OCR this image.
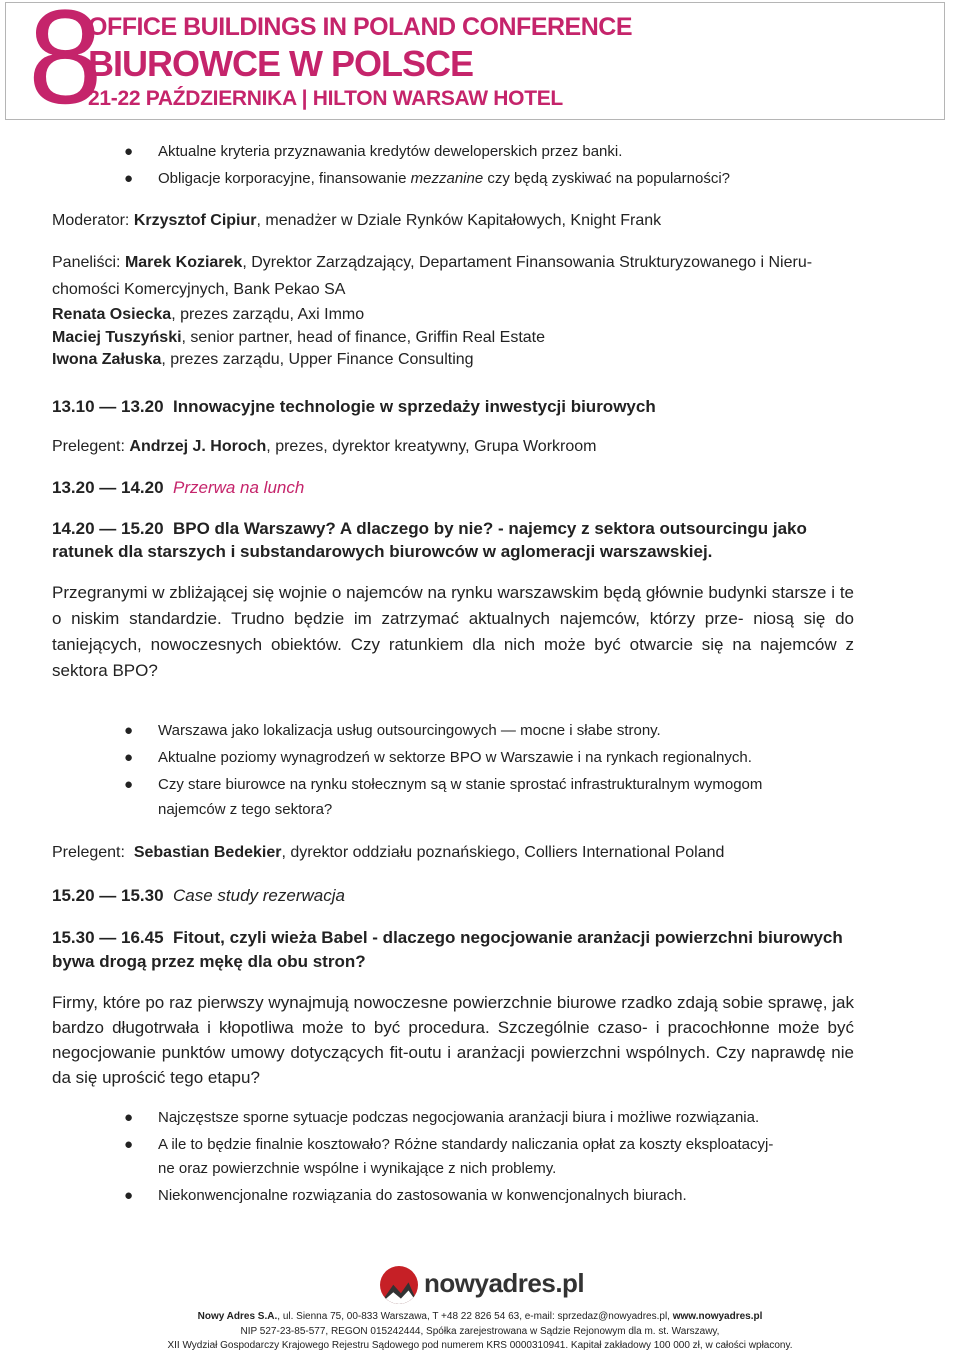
8
OFFICE BUILDINGS IN POLAND CONFERENCE
BIUROWCE W POLSCE
21-22 PAŹDZIERNIKA | HILTON WARSAW HOTEL
● Aktualne kryteria przyznawania kredytów deweloperskich przez banki.
● Obligacje korporacyjne, finansowanie mezzanine czy będą zyskiwać na popularności?
Moderator: Krzysztof Cipiur, menadżer w Dziale Rynków Kapitałowych, Knight Frank
Paneliści: Marek Koziarek, Dyrektor Zarządzający, Departament Finansowania Strukturyzowanego i Nieru-
chomości Komercyjnych, Bank Pekao SA
Renata Osiecka, prezes zarządu, Axi Immo
Maciej Tuszyński, senior partner, head of finance, Griffin Real Estate
Iwona Załuska, prezes zarządu, Upper Finance Consulting
13.10 — 13.20 Innowacyjne technologie w sprzedaży inwestycji biurowych
Prelegent: Andrzej J. Horoch, prezes, dyrektor kreatywny, Grupa Workroom
13.20 — 14.20 Przerwa na lunch
14.20 — 15.20 BPO dla Warszawy? A dlaczego by nie? - najemcy z sektora outsourcingu jako
ratunek dla starszych i substandarowych biurowców w aglomeracji warszawskiej.
Przegranymi w zbliżającej się wojnie o najemców na rynku warszawskim będą głównie budynki starsze i te o niskim standardzie. Trudno będzie im zatrzymać aktualnych najemców, którzy prze- niosą się do taniejących, nowoczesnych obiektów. Czy ratunkiem dla nich może być otwarcie się na najemców z sektora BPO?
● Warszawa jako lokalizacja usług outsourcingowych — mocne i słabe strony.
● Aktualne poziomy wynagrodzeń w sektorze BPO w Warszawie i na rynkach regionalnych.
● Czy stare biurowce na rynku stołecznym są w stanie sprostać infrastrukturalnym wymogom
najemców z tego sektora?
Prelegent: Sebastian Bedekier, dyrektor oddziału poznańskiego, Colliers International Poland
15.20 — 15.30 Case study rezerwacja
15.30 — 16.45 Fitout, czyli wieża Babel - dlaczego negocjowanie aranżacji powierzchni biurowych
bywa drogą przez mękę dla obu stron?
Firmy, które po raz pierwszy wynajmują nowoczesne powierzchnie biurowe rzadko zdają sobie sprawę, jak bardzo długotrwała i kłopotliwa może to być procedura. Szczególnie czaso- i pracochłonne może być negocjowanie punktów umowy dotyczących fit-outu i aranżacji powierzchni wspólnych. Czy naprawdę nie da się uprościć tego etapu?
● Najczęstsze sporne sytuacje podczas negocjowania aranżacji biura i możliwe rozwiązania.
● A ile to będzie finalnie kosztowało? Różne standardy naliczania opłat za koszty eksploatacyj-
ne oraz powierzchnie wspólne i wynikające z nich problemy.
● Niekonwencjonalne rozwiązania do zastosowania w konwencjonalnych biurach.
nowyadres.pl
Nowy Adres S.A., ul. Sienna 75, 00-833 Warszawa, T +48 22 826 54 63, e-mail: sprzedaz@nowyadres.pl, www.nowyadres.pl
NIP 527-23-85-577, REGON 015242444, Spółka zarejestrowana w Sądzie Rejonowym dla m. st. Warszawy,
XII Wydział Gospodarczy Krajowego Rejestru Sądowego pod numerem KRS 0000310941. Kapitał zakładowy 100 000 zł, w całości wpłacony.
